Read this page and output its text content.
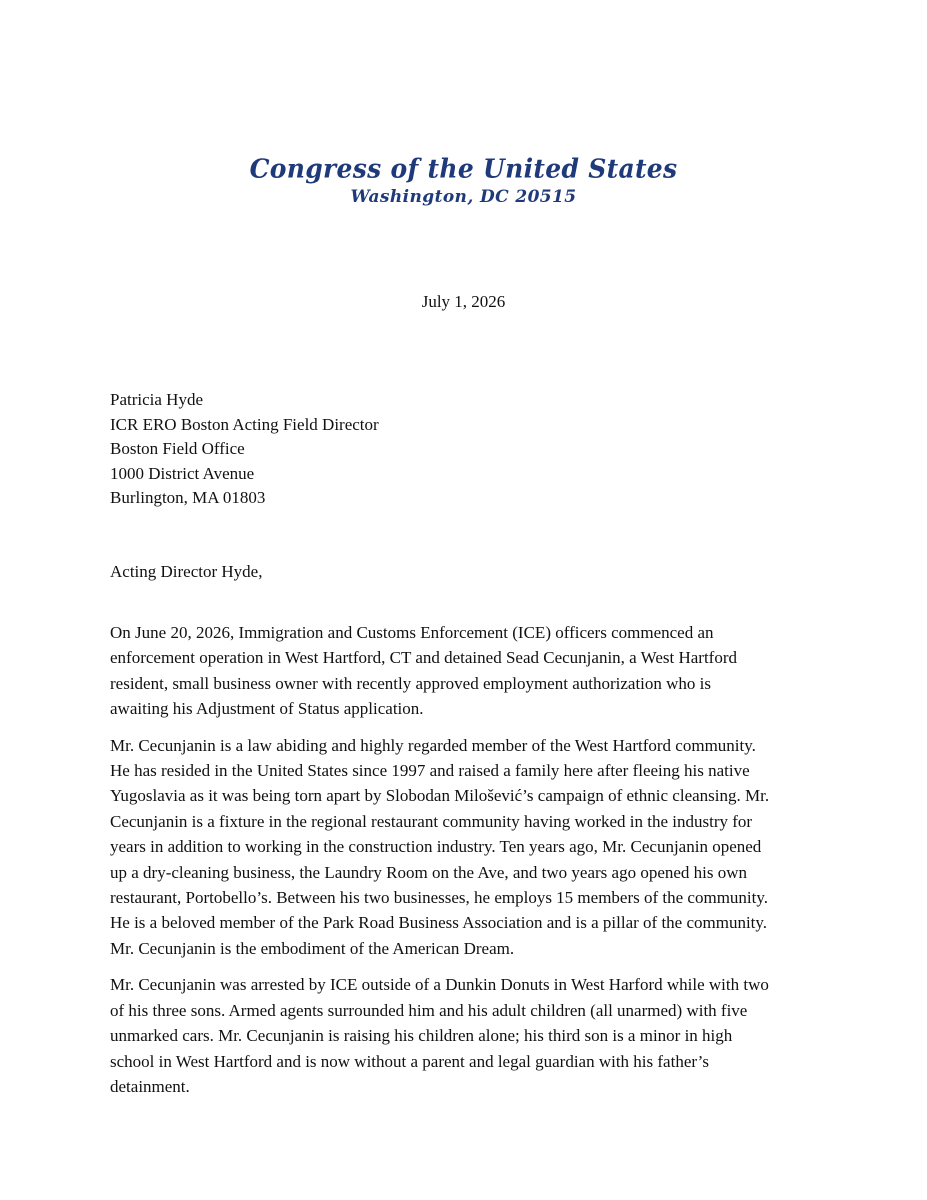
Congress of the United States
Washington, DC 20515
July 1, 2026
Patricia Hyde
ICR ERO Boston Acting Field Director
Boston Field Office
1000 District Avenue
Burlington, MA 01803
Acting Director Hyde,

On June 20, 2026, Immigration and Customs Enforcement (ICE) officers commenced an
enforcement operation in West Hartford, CT and detained Sead Cecunjanin, a West Hartford
resident, small business owner with recently approved employment authorization who is
awaiting his Adjustment of Status application.

Mr. Cecunjanin is a law abiding and highly regarded member of the West Hartford community.
He has resided in the United States since 1997 and raised a family here after fleeing his native
Yugoslavia as it was being torn apart by Slobodan Milošević’s campaign of ethnic cleansing. Mr.
Cecunjanin is a fixture in the regional restaurant community having worked in the industry for
years in addition to working in the construction industry. Ten years ago, Mr. Cecunjanin opened
up a dry-cleaning business, the Laundry Room on the Ave, and two years ago opened his own
restaurant, Portobello’s. Between his two businesses, he employs 15 members of the community.
He is a beloved member of the Park Road Business Association and is a pillar of the community.
Mr. Cecunjanin is the embodiment of the American Dream.

Mr. Cecunjanin was arrested by ICE outside of a Dunkin Donuts in West Harford while with two
of his three sons. Armed agents surrounded him and his adult children (all unarmed) with five
unmarked cars. Mr. Cecunjanin is raising his children alone; his third son is a minor in high
school in West Hartford and is now without a parent and legal guardian with his father’s
detainment.
